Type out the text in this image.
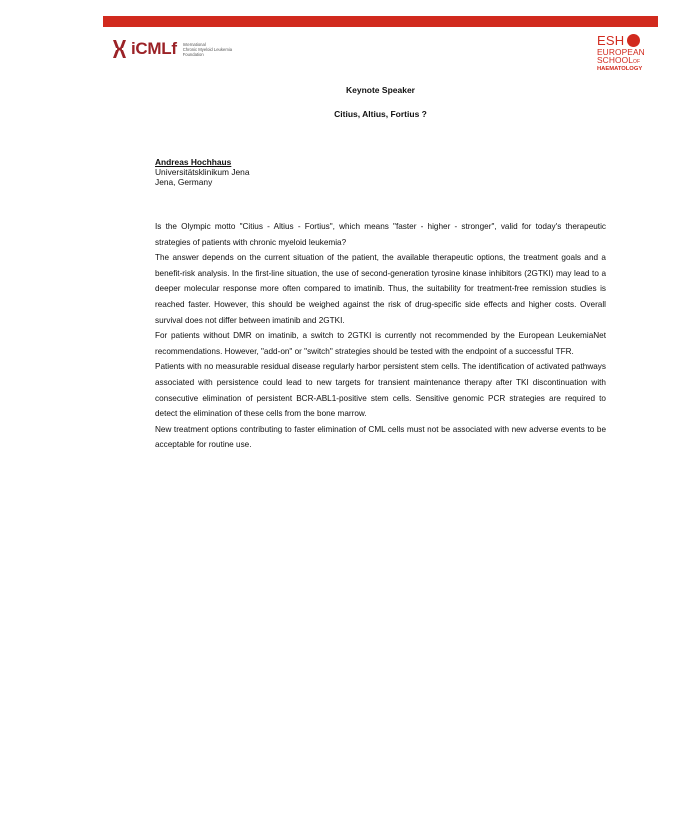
iCMLf International
Chronic Myeloid Leukemia
Foundation
ESH
EUROPEAN
SCHOOLOF
HAEMATOLOGY
Keynote Speaker
Citius, Altius, Fortius ?
Andreas Hochhaus
Universitätsklinikum Jena
Jena, Germany

Is the Olympic motto "Citius - Altius - Fortius", which means "faster - higher - stronger", valid for today's therapeutic strategies of patients with chronic myeloid leukemia?

The answer depends on the current situation of the patient, the available therapeutic options, the treatment goals and a benefit-risk analysis. In the first-line situation, the use of second-generation tyrosine kinase inhibitors (2GTKI) may lead to a deeper molecular response more often compared to imatinib. Thus, the suitability for treatment-free remission studies is reached faster. However, this should be weighed against the risk of drug-specific side effects and higher costs. Overall survival does not differ between imatinib and 2GTKI.

For patients without DMR on imatinib, a switch to 2GTKI is currently not recommended by the European LeukemiaNet recommendations. However, "add-on" or "switch" strategies should be tested with the endpoint of a successful TFR.

Patients with no measurable residual disease regularly harbor persistent stem cells. The identification of activated pathways associated with persistence could lead to new targets for transient maintenance therapy after TKI discontinuation with consecutive elimination of persistent BCR-ABL1-positive stem cells. Sensitive genomic PCR strategies are required to detect the elimination of these cells from the bone marrow.

New treatment options contributing to faster elimination of CML cells must not be associated with new adverse events to be acceptable for routine use.
